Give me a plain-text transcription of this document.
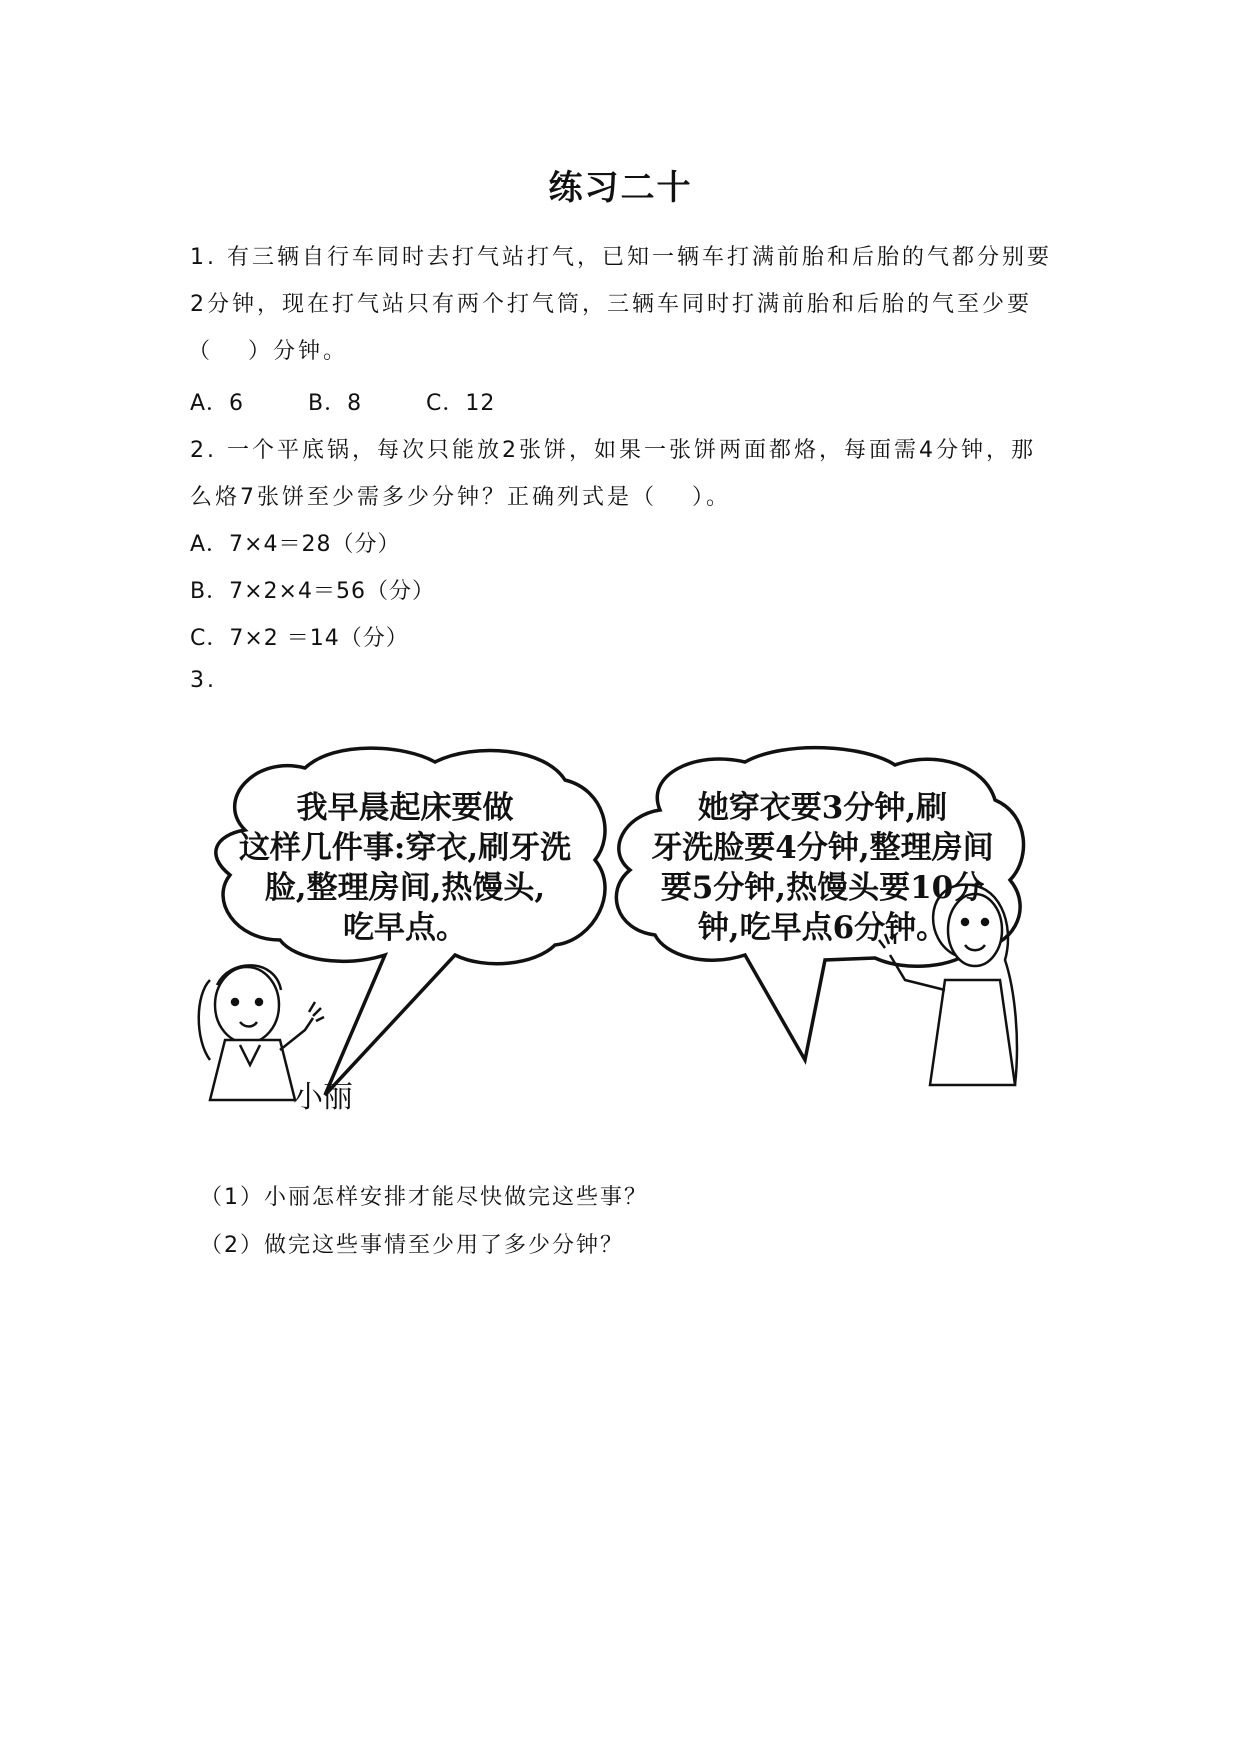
练习二十
1. 有三辆自行车同时去打气站打气，已知一辆车打满前胎和后胎的气都分别要
2分钟，现在打气站只有两个打气筒，三辆车同时打满前胎和后胎的气至少要
（　 ）分钟。
A．6	B．8	C．12
2. 一个平底锅，每次只能放2张饼，如果一张饼两面都烙，每面需4分钟，那
么烙7张饼至少需多少分钟？正确列式是（　 ）。
A．7×4＝28（分）
B．7×2×4＝56（分）
C．7×2 ＝14（分）
3.
我早晨起床要做
这样几件事:穿衣,刷牙洗
脸,整理房间,热馒头,
吃早点。
她穿衣要3分钟,刷
牙洗脸要4分钟,整理房间
要5分钟,热馒头要10分
钟,吃早点6分钟。
小丽
（1）小丽怎样安排才能尽快做完这些事？
（2）做完这些事情至少用了多少分钟？
